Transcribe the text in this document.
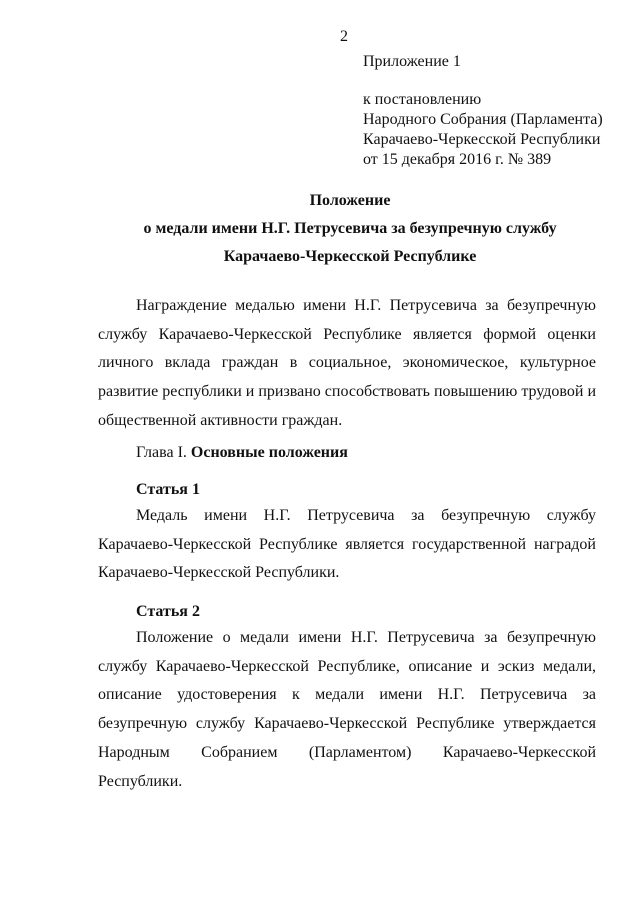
2
Приложение 1
к постановлению
Народного Собрания (Парламента)
Карачаево-Черкесской Республики
от 15 декабря 2016 г. № 389
Положение
о медали имени Н.Г. Петрусевича за безупречную службу
Карачаево-Черкесской Республике

Награждение медалью имени Н.Г. Петрусевича за безупречную службу Карачаево-Черкесской Республике является формой оценки личного вклада граждан в социальное, экономическое, культурное развитие республики и призвано способствовать повышению трудовой и общественной активности граждан.

Глава I. Основные положения
Статья 1

Медаль имени Н.Г. Петрусевича за безупречную службу Карачаево-Черкесской Республике является государственной наградой Карачаево-Черкесской Республики.

Статья 2

Положение о медали имени Н.Г. Петрусевича за безупречную службу Карачаево-Черкесской Республике, описание и эскиз медали, описание удостоверения к медали имени Н.Г. Петрусевича за безупречную службу Карачаево-Черкесской Республике утверждается Народным Собранием (Парламентом) Карачаево-Черкесской Республики.
